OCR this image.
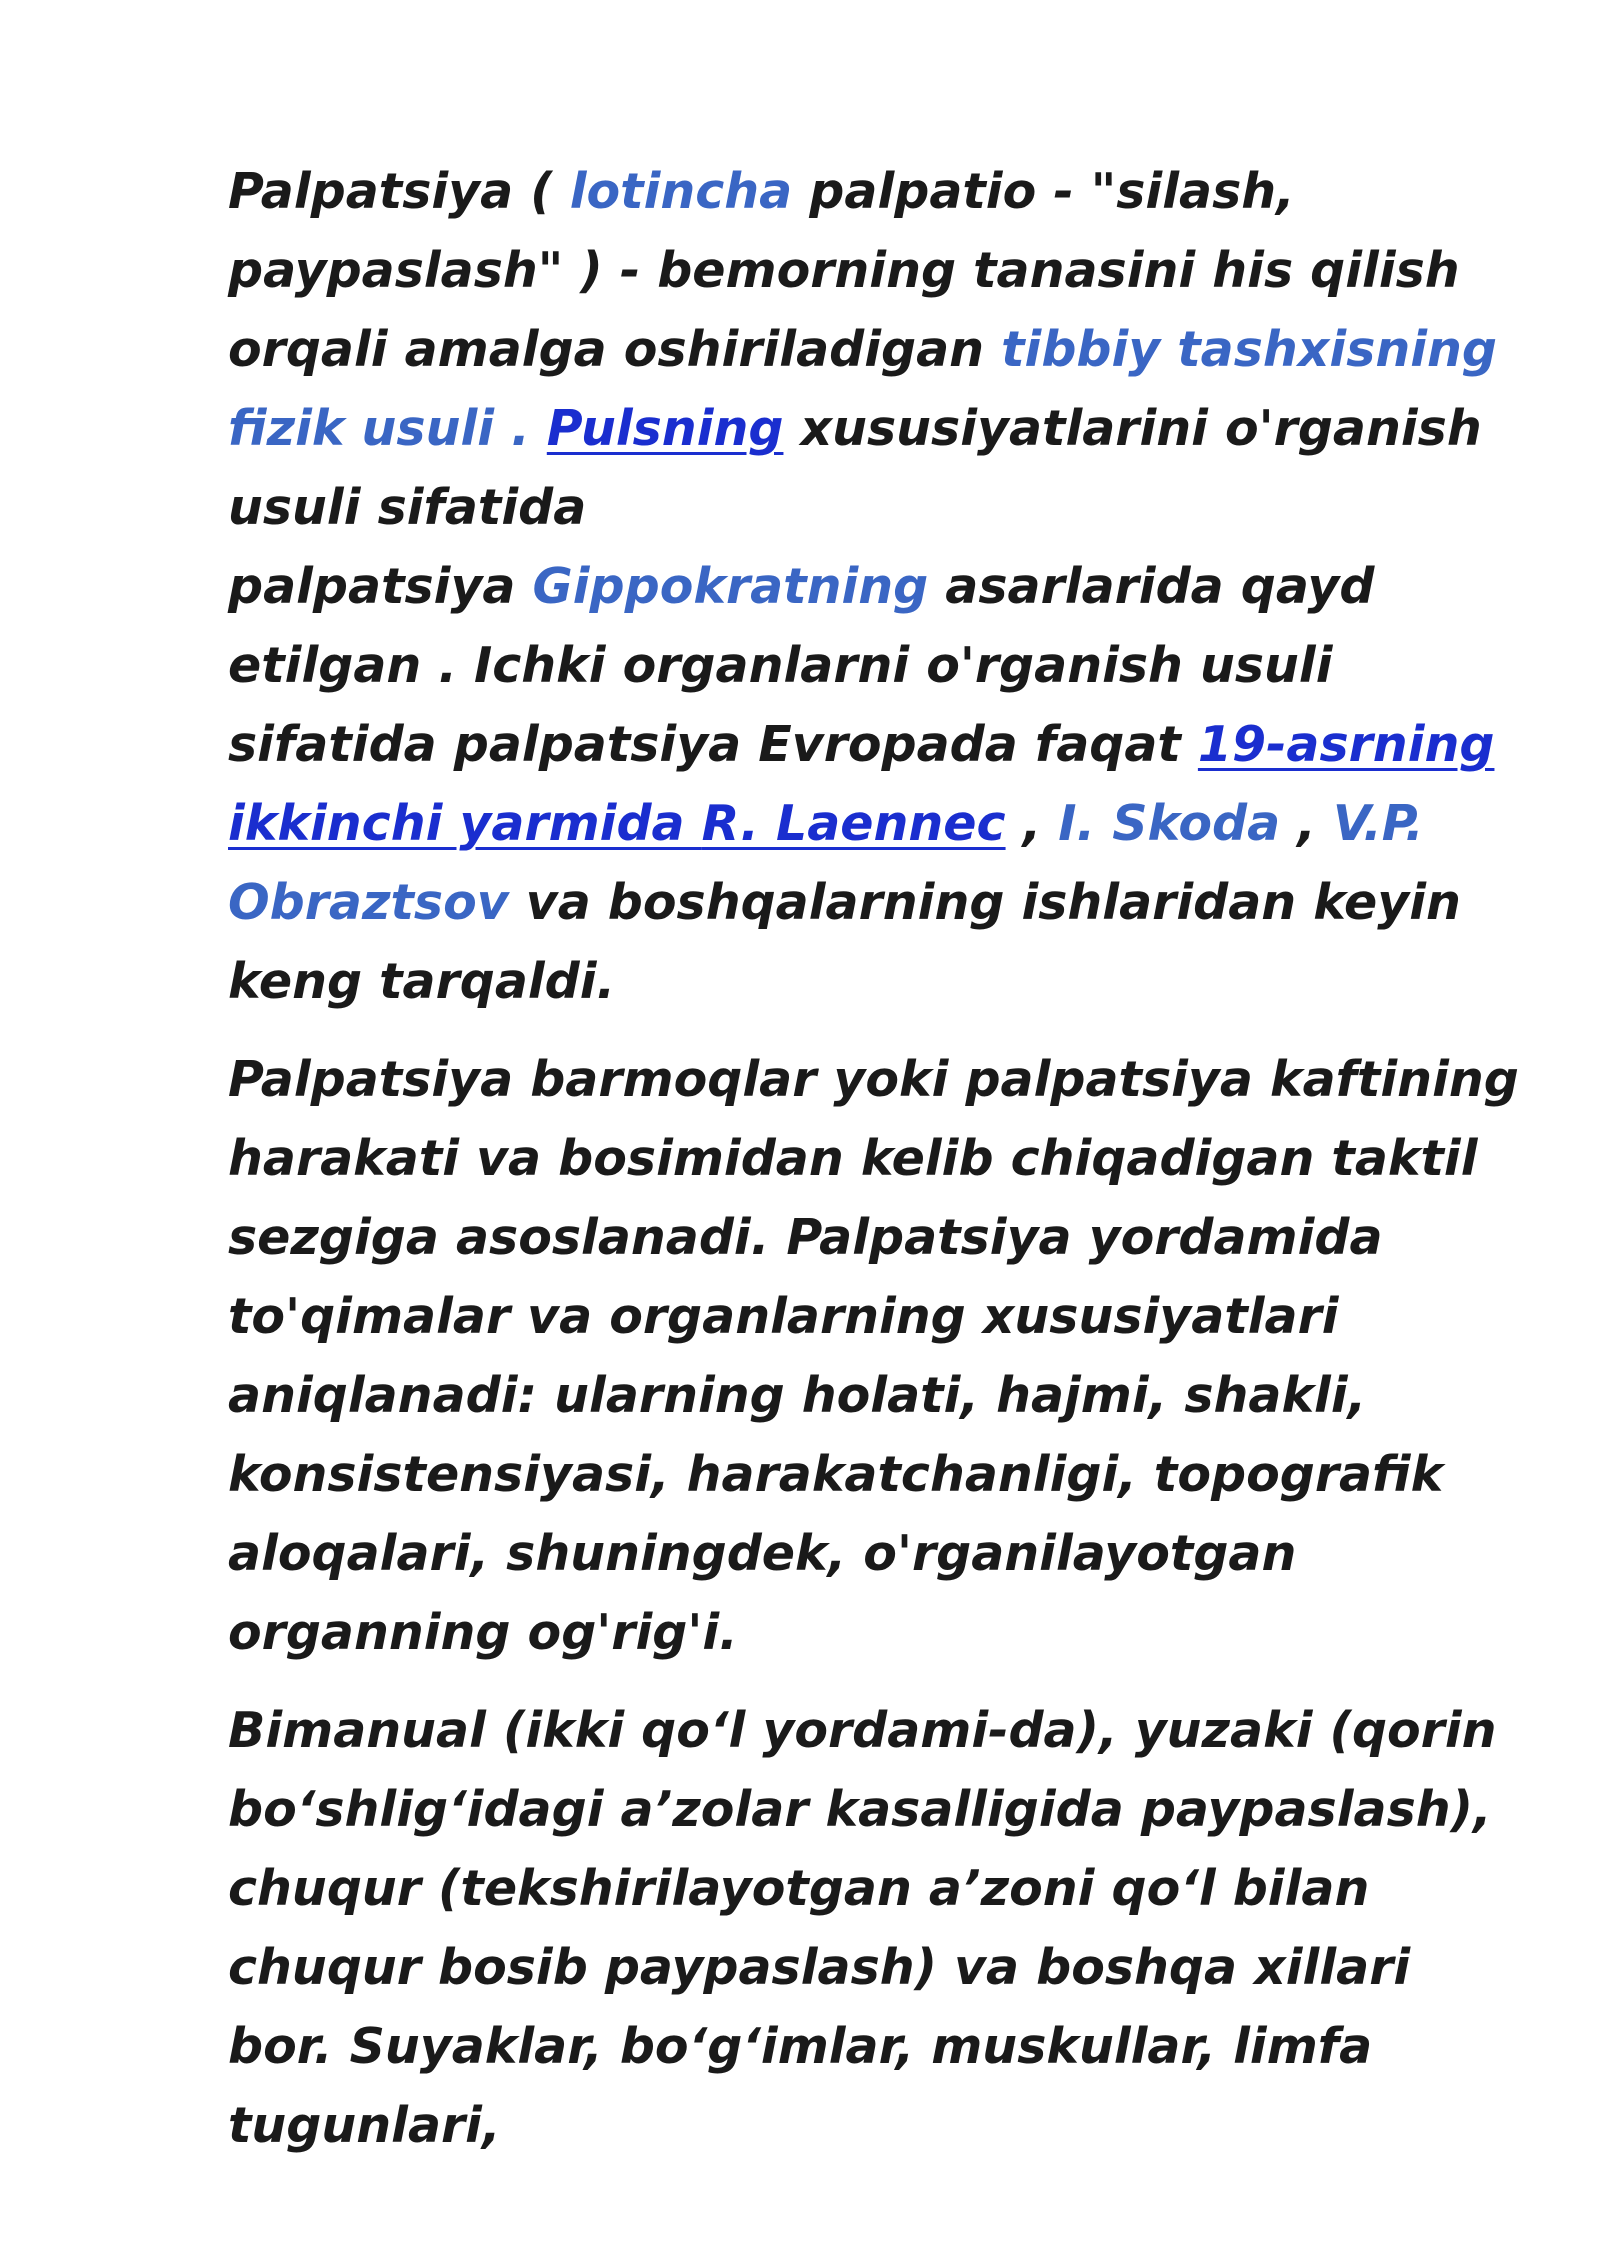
Palpatsiya ( lotincha palpatio - "silash, paypaslash" ) - bemorning tanasini his qilish orqali amalga oshiriladigan tibbiy tashxisning fizik usuli . Pulsning xususiyatlarini o'rganish usuli sifatida
palpatsiya Gippokratning asarlarida qayd etilgan . Ichki organlarni o'rganish usuli sifatida palpatsiya Evropada faqat 19-asrning ikkinchi yarmida R. Laennec , I. Skoda , V.P. Obraztsov va boshqalarning ishlaridan keyin keng tarqaldi.

Palpatsiya barmoqlar yoki palpatsiya kaftining harakati va bosimidan kelib chiqadigan taktil sezgiga asoslanadi. Palpatsiya yordamida to'qimalar va organlarning xususiyatlari aniqlanadi: ularning holati, hajmi, shakli, konsistensiyasi, harakatchanligi, topografik aloqalari, shuningdek, o'rganilayotgan organning og'rig'i.

Bimanual (ikki qo‘l yordami-da), yuzaki (qorin bo‘shlig‘idagi a’zolar kasalligida paypaslash), chuqur (tekshirilayotgan a’zoni qo‘l bilan chuqur bosib paypaslash) va boshqa xillari bor. Suyaklar, bo‘g‘imlar, muskullar, limfa tugunlari,
